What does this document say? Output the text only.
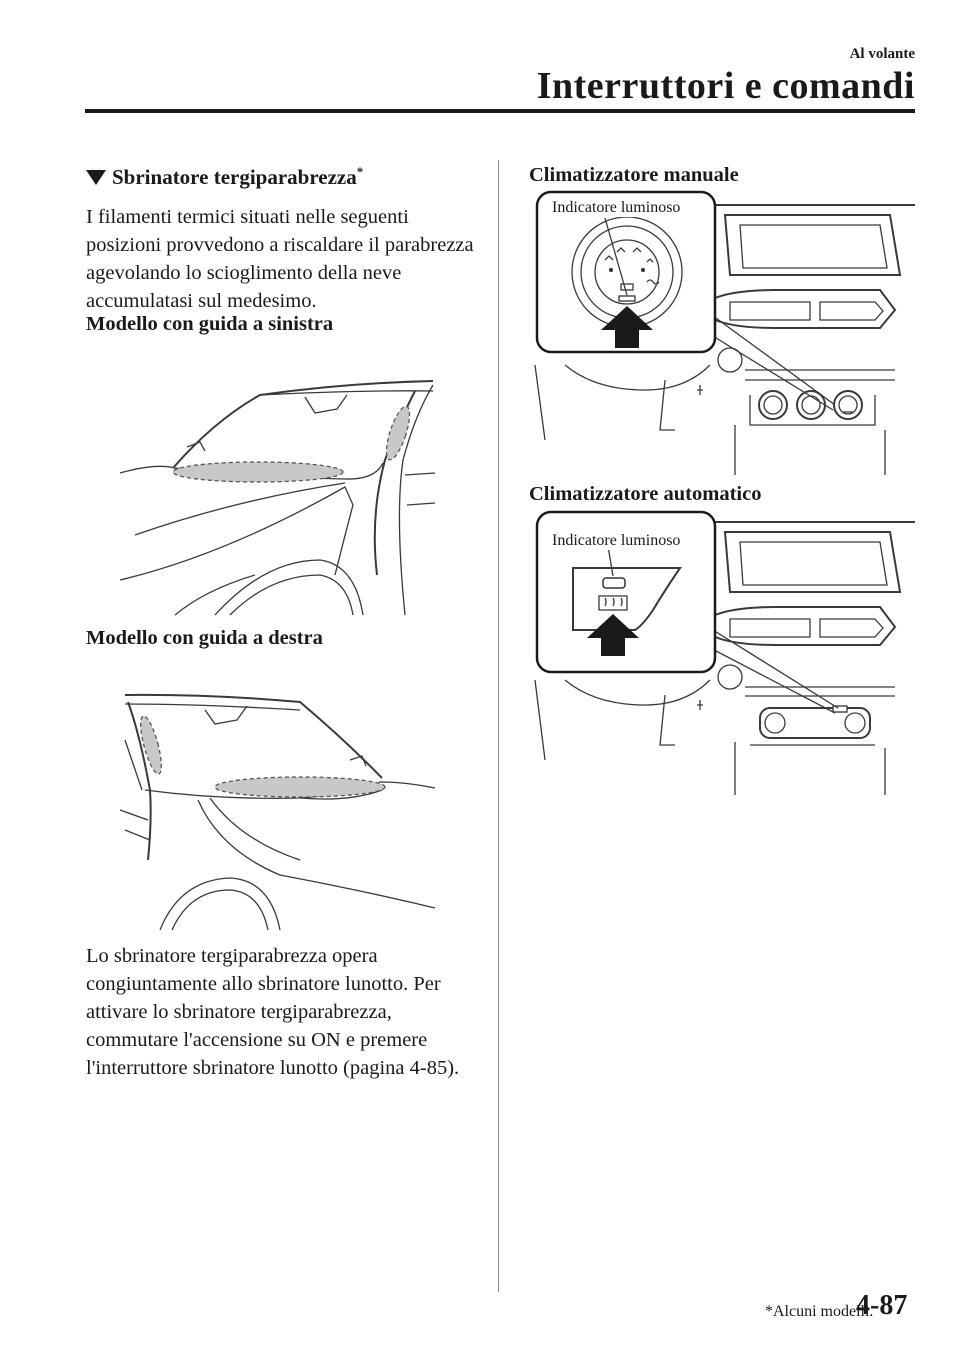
Al volante
Interruttori e comandi
Sbrinatore tergiparabrezza*
I filamenti termici situati nelle seguenti posizioni provvedono a riscaldare il parabrezza agevolando lo scioglimento della neve accumulatasi sul medesimo.
Modello con guida a sinistra
Modello con guida a destra
Lo sbrinatore tergiparabrezza opera congiuntamente allo sbrinatore lunotto. Per attivare lo sbrinatore tergiparabrezza, commutare l'accensione su ON e premere l'interruttore sbrinatore lunotto (pagina 4-85).
Climatizzatore manuale
Indicatore luminoso
Climatizzatore automatico
Indicatore luminoso
*Alcuni modelli.
4-87
